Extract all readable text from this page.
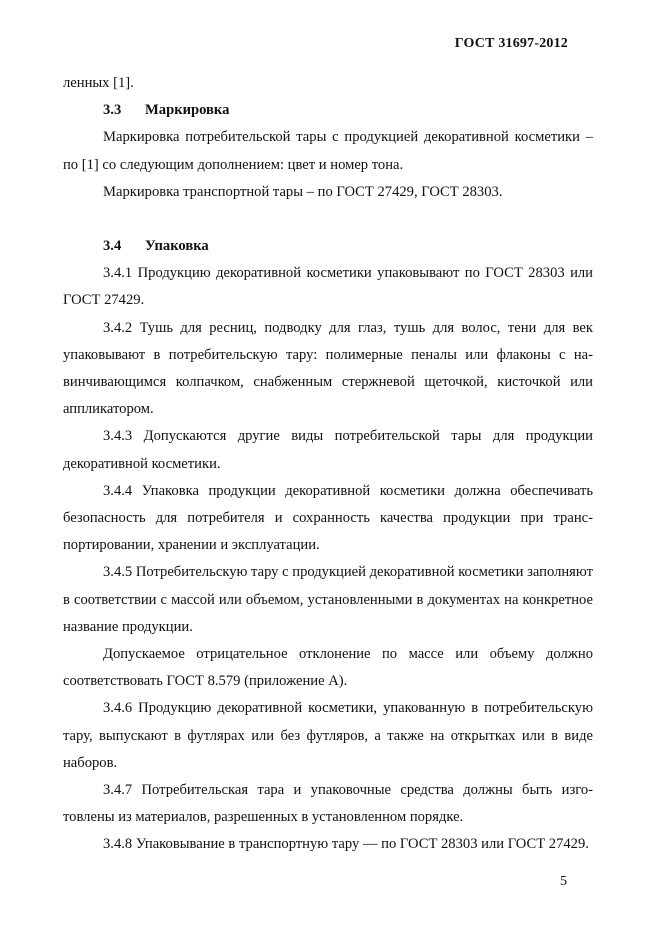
ГОСТ 31697-2012

ленных [1].

3.3 Маркировка

Маркировка потребительской тары с продукцией декоративной косметики – по [1] со следующим дополнением: цвет и номер тона.

Маркировка транспортной тары – по ГОСТ 27429, ГОСТ 28303.

3.4 Упаковка

3.4.1 Продукцию декоративной косметики упаковывают по ГОСТ 28303 или ГОСТ 27429.

3.4.2 Тушь для ресниц, подводку для глаз, тушь для волос, тени для век упаковывают в потребительскую тару: полимерные пеналы или флаконы с навинчивающимся колпачком, снабженным стержневой щеточкой, кисточкой или аппликатором.

3.4.3 Допускаются другие виды потребительской тары для продукции декоративной косметики.

3.4.4 Упаковка продукции декоративной косметики должна обеспечивать безопасность для потребителя и сохранность качества продукции при транспортировании, хранении и эксплуатации.

3.4.5 Потребительскую тару с продукцией декоративной косметики заполняют в соответствии с массой или объемом, установленными в документах на конкретное название продукции.

Допускаемое отрицательное отклонение по массе или объему должно соответствовать ГОСТ 8.579 (приложение А).

3.4.6 Продукцию декоративной косметики, упакованную в потребительскую тару, выпускают в футлярах или без футляров, а также на открытках или в виде наборов.

3.4.7 Потребительская тара и упаковочные средства должны быть изготовлены из материалов, разрешенных в установленном порядке.

3.4.8 Упаковывание в транспортную тару — по ГОСТ 28303 или ГОСТ 27429.

5
